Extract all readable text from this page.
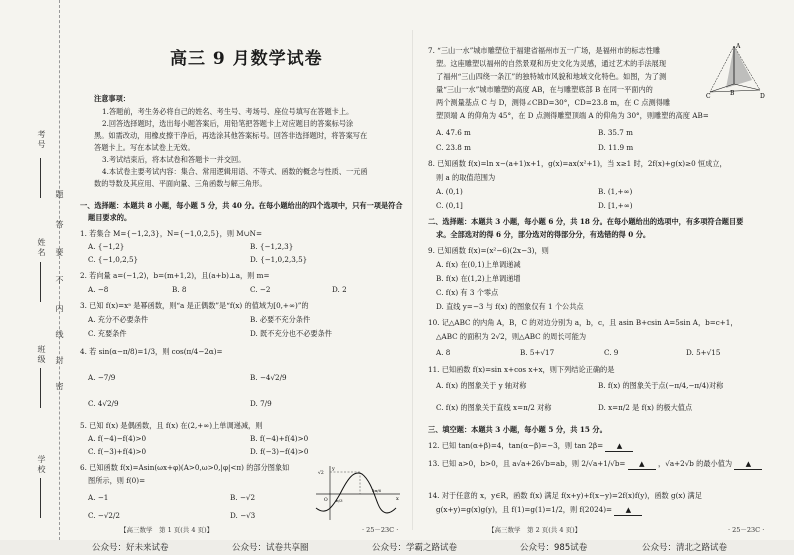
考号
姓名
班级
学校
题
答
要
不
内
线
封
密
高三 9 月数学试卷
注意事项：
1.答题前，考生务必将自己的姓名、考生号、考场号、座位号填写在答题卡上。
2.回答选择题时，选出每小题答案后，用铅笔把答题卡上对应题目的答案标号涂
黑。如需改动，用橡皮擦干净后，再选涂其他答案标号。回答非选择题时，将答案写在
答题卡上。写在本试卷上无效。
3.考试结束后，将本试卷和答题卡一并交回。
4.本试卷主要考试内容：集合、常用逻辑用语、不等式、函数的概念与性质、一元函
数的导数及其应用、平面向量、三角函数与解三角形。
一、选择题：本题共 8 小题，每小题 5 分，共 40 分。在每小题给出的四个选项中，只有一项是符合
题目要求的。
1. 若集合 M={−1,2,3}，N={−1,0,2,5}，则 M∪N=
A. {−1,2}	B. {−1,2,3}
C. {−1,0,2,5}	D. {−1,0,2,3,5}
2. 若向量 a=(−1,2)，b=(m+1,2)，且(a+b)⊥a，则 m=
A. −8	B. 8	C. −2	D. 2
3. 已知 f(x)=xᵃ 是幂函数，则“a 是正偶数”是“f(x) 的值域为[0,+∞)”的
A. 充分不必要条件	B. 必要不充分条件
C. 充要条件	D. 既不充分也不必要条件
4. 若 sin(α−π/8)=1/3，则 cos(π/4−2α)=
A. −7/9	B. −4√2/9
C. 4√2/9	D. 7/9
5. 已知 f(x) 是偶函数，且 f(x) 在(2,+∞)上单调递减，则
A. f(−4)−f(4)>0	B. f(−4)+f(4)>0
C. f(−3)+f(4)>0	D. f(−3)−f(4)>0
6. 已知函数 f(x)=Asin(ωx+φ)(A>0,ω>0,|φ|<π) 的部分图象如
图所示，则 f(0)=
A. −1	B. −√2
C. −√2/2	D. −√3
y
x
√2
O π/3
5π/6
【高三数学　第 1 页(共 4 页)】	· 25－23C ·
7. “三山一水”城市雕塑位于福建省福州市五一广场，是福州市的标志性雕
塑。这座雕塑以福州的自然景观和历史文化为灵感，通过艺术的手法展现
了福州“三山四绕一条江”的独特城市风貌和地域文化特色。如图，为了测
量“三山一水”城市雕塑的高度 AB，在与雕塑底部 B 在同一平面内的
两个测量基点 C 与 D，测得∠CBD=30°，CD=23.8 m，在 C 点测得雕
塑顶端 A 的仰角为 45°，在 D 点测得雕塑顶端 A 的仰角为 30°，则雕塑的高度 AB=
A. 47.6 m	B. 35.7 m
C. 23.8 m	D. 11.9 m
A
B
C	D
8. 已知函数 f(x)=ln x−(a+1)x+1，g(x)=ax(x²+1)，当 x≥1 时，2f(x)+g(x)≥0 恒成立，
则 a 的取值范围为
A. (0,1)	B. (1,+∞)
C. (0,1]	D. [1,+∞)
二、选择题：本题共 3 小题，每小题 6 分，共 18 分。在每小题给出的选项中，有多项符合题目要
求。全部选对的得 6 分，部分选对的得部分分，有选错的得 0 分。
9. 已知函数 f(x)=(x²−6)(2x−3)，则
A. f(x) 在(0,1)上单调递减
B. f(x) 在(1,2)上单调递增
C. f(x) 有 3 个零点
D. 直线 y=−3 与 f(x) 的图象仅有 1 个公共点
10. 记△ABC 的内角 A，B，C 的对边分别为 a，b，c，且 asin B+csin A=5sin A，b=c+1，
△ABC 的面积为 2√2，则△ABC 的周长可能为
A. 8	B. 5+√17	C. 9	D. 5+√15
11. 已知函数 f(x)=sin x+cos x+x，则下列结论正确的是
A. f(x) 的图象关于 y 轴对称	B. f(x) 的图象关于点(−π/4,−π/4)对称
C. f(x) 的图象关于直线 x=π/2 对称	D. x=π/2 是 f(x) 的极大值点
三、填空题：本题共 3 小题，每小题 5 分，共 15 分。
12. 已知 tan(α+β)=4，tan(α−β)=−3，则 tan 2β= ▲
13. 已知 a>0，b>0，且 a√a+26√b=ab，则 2/√a+1/√b= ▲ ，√a+2√b 的最小值为 ▲
14. 对于任意的 x，y∈R，函数 f(x) 满足 f(x+y)+f(x−y)=2f(x)f(y)，函数 g(x) 满足
g(x+y)=g(x)g(y)，且 f(1)=g(1)=1/2，则 f(2024)= ▲
【高三数学　第 2 页(共 4 页)】	· 25－23C ·
公众号：好未来试卷	公众号：试卷共享圈	公众号：学霸之路试卷	公众号：985试卷	公众号：清北之路试卷
